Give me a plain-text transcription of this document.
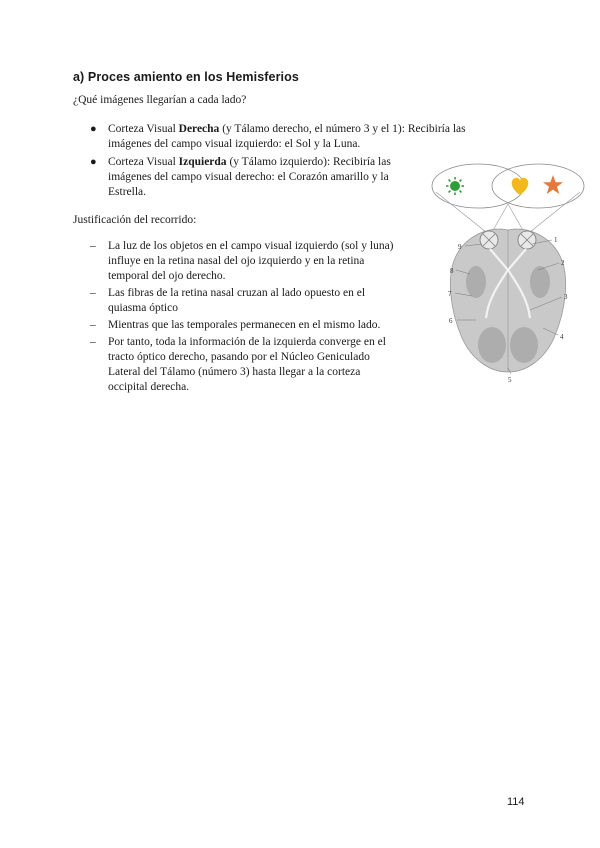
a) Proces amiento en los Hemisferios
¿Qué imágenes llegarían a cada lado?
● Corteza Visual Derecha (y Tálamo derecho, el número 3 y el 1): Recibiría las imágenes del campo visual izquierdo: el Sol y la Luna.
● Corteza Visual Izquierda (y Tálamo izquierdo): Recibiría las imágenes del campo visual derecho: el Corazón amarillo y la Estrella.
Justificación del recorrido:
– La luz de los objetos en el campo visual izquierdo (sol y luna) influye en la retina nasal del ojo izquierdo y en la retina temporal del ojo derecho.
– Las fibras de la retina nasal cruzan al lado opuesto en el quiasma óptico
– Mientras que las temporales permanecen en el mismo lado.
– Por tanto, toda la información de la izquierda converge en el tracto óptico derecho, pasando por el Núcleo Geniculado Lateral del Tálamo (número 3) hasta llegar a la corteza occipital derecha.
1
2
3
4
5
6
7
8
9
114
